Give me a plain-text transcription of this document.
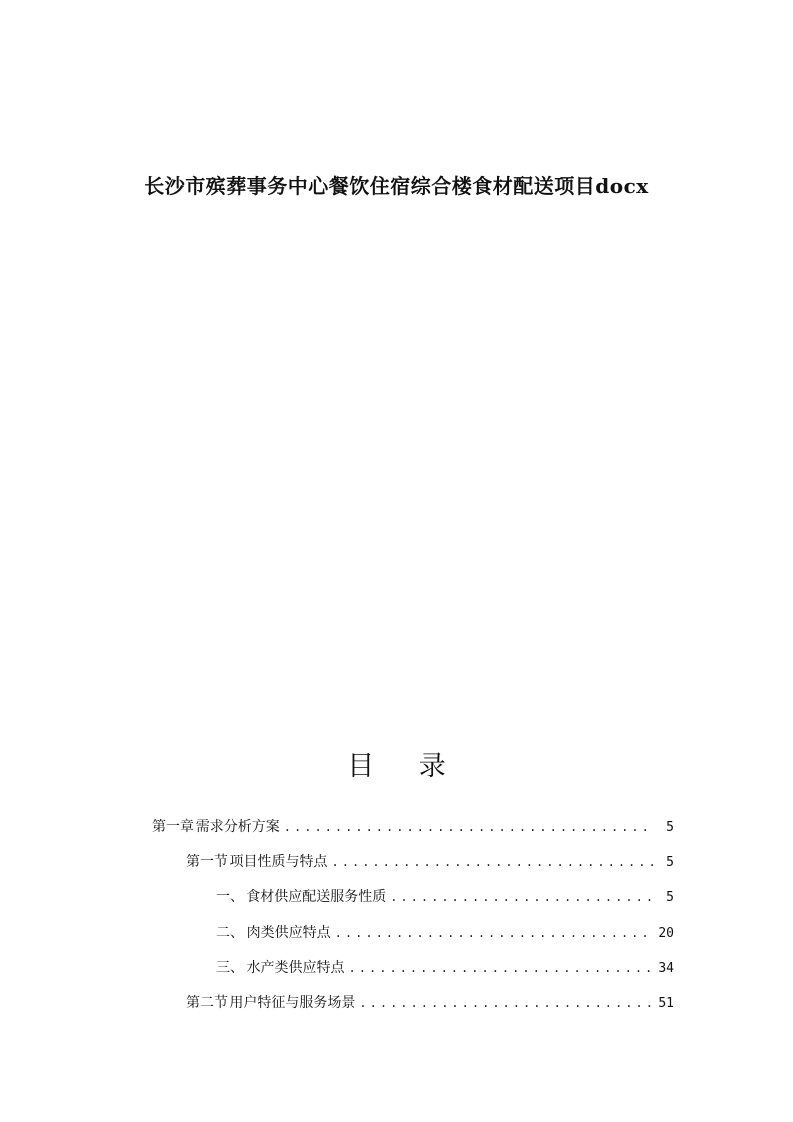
长沙市殡葬事务中心餐饮住宿综合楼食材配送项目docx
目 录
第一章 需求分析方案 .....	5
第一节 项目性质与特点 .....	5
一、 食材供应配送服务性质 .....	5
二、 肉类供应特点 .....	20
三、 水产类供应特点 .....	34
第二节 用户特征与服务场景 .....	51
